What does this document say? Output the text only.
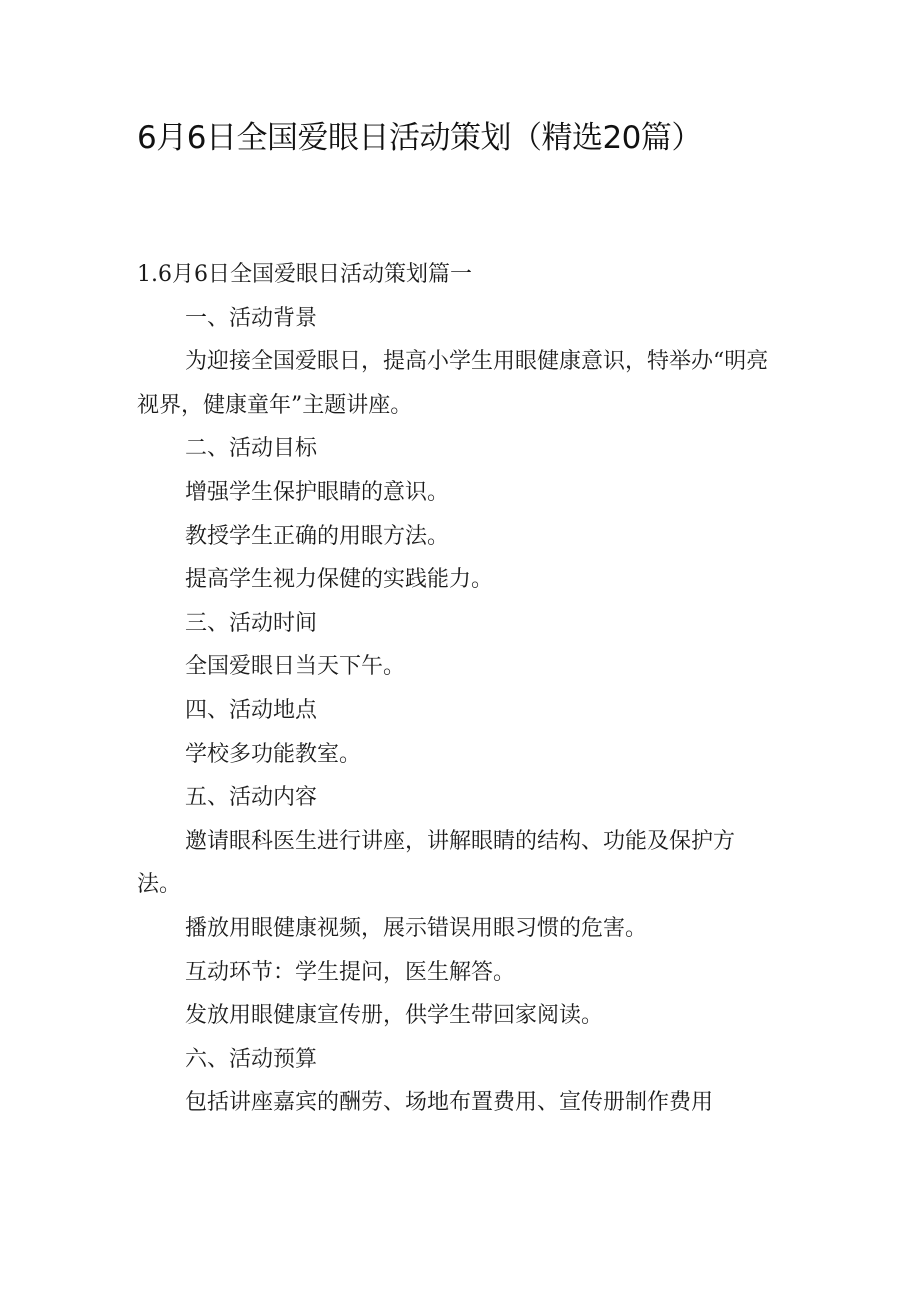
6月6日全国爱眼日活动策划（精选20篇）

1.6月6日全国爱眼日活动策划篇一

一、活动背景

为迎接全国爱眼日，提高小学生用眼健康意识，特举办“明亮视界，健康童年”主题讲座。

二、活动目标

增强学生保护眼睛的意识。

教授学生正确的用眼方法。

提高学生视力保健的实践能力。

三、活动时间

全国爱眼日当天下午。

四、活动地点

学校多功能教室。

五、活动内容

邀请眼科医生进行讲座，讲解眼睛的结构、功能及保护方法。

播放用眼健康视频，展示错误用眼习惯的危害。

互动环节：学生提问，医生解答。

发放用眼健康宣传册，供学生带回家阅读。

六、活动预算

包括讲座嘉宾的酬劳、场地布置费用、宣传册制作费用
